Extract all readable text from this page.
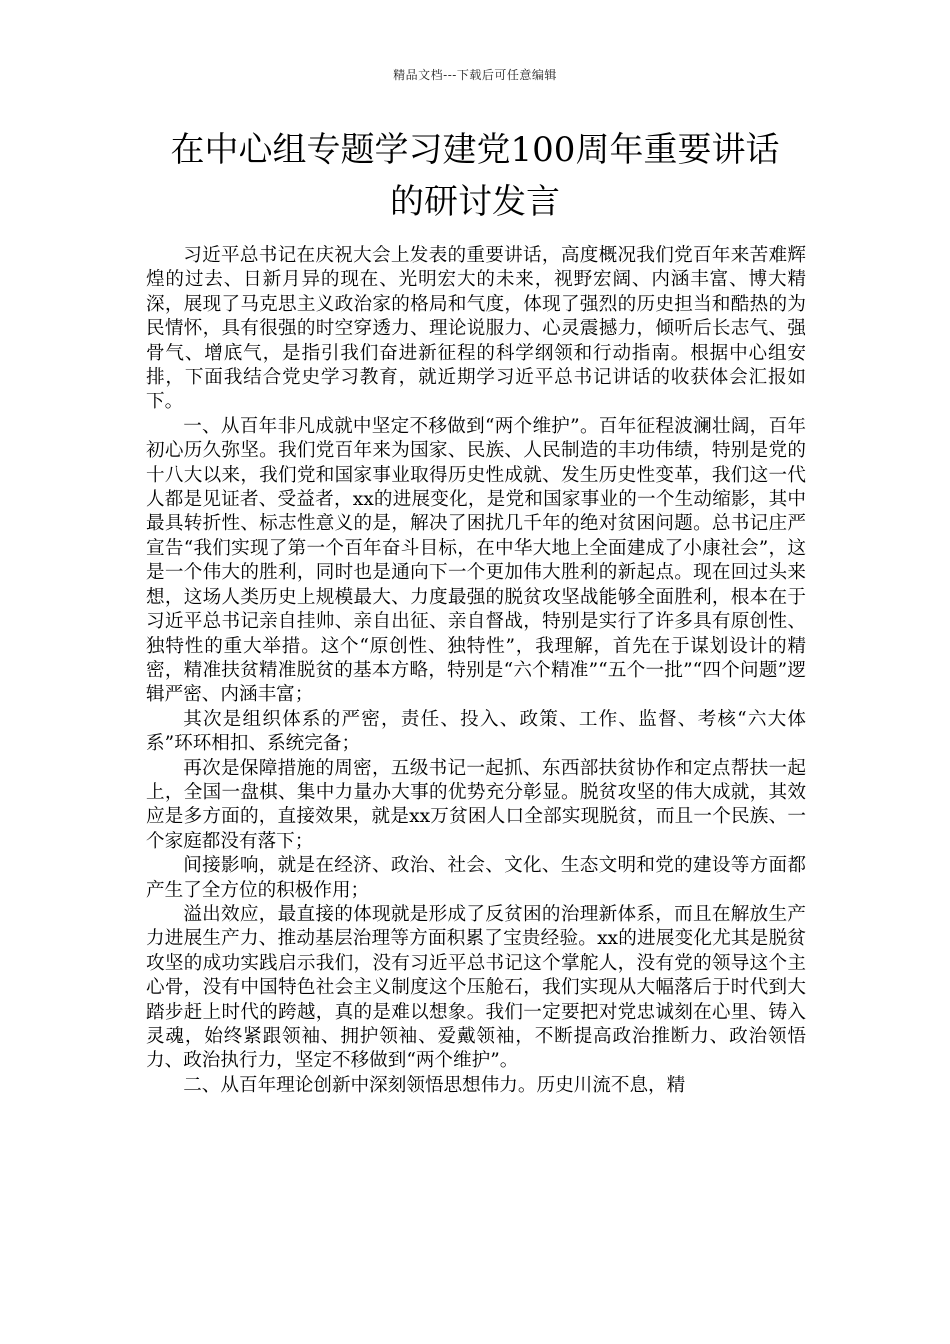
精品文档---下载后可任意编辑
在中心组专题学习建党100周年重要讲话
的研讨发言

习近平总书记在庆祝大会上发表的重要讲话，高度概况我们党百年来苦难辉煌的过去、日新月异的现在、光明宏大的未来，视野宏阔、内涵丰富、博大精深，展现了马克思主义政治家的格局和气度，体现了强烈的历史担当和酷热的为民情怀，具有很强的时空穿透力、理论说服力、心灵震撼力，倾听后长志气、强骨气、增底气，是指引我们奋进新征程的科学纲领和行动指南。根据中心组安排，下面我结合党史学习教育，就近期学习近平总书记讲话的收获体会汇报如下。

一、从百年非凡成就中坚定不移做到“两个维护”。百年征程波澜壮阔，百年初心历久弥坚。我们党百年来为国家、民族、人民制造的丰功伟绩，特别是党的十八大以来，我们党和国家事业取得历史性成就、发生历史性变革，我们这一代人都是见证者、受益者，xx的进展变化，是党和国家事业的一个生动缩影，其中最具转折性、标志性意义的是，解决了困扰几千年的绝对贫困问题。总书记庄严宣告“我们实现了第一个百年奋斗目标，在中华大地上全面建成了小康社会”，这是一个伟大的胜利，同时也是通向下一个更加伟大胜利的新起点。现在回过头来想，这场人类历史上规模最大、力度最强的脱贫攻坚战能够全面胜利，根本在于习近平总书记亲自挂帅、亲自出征、亲自督战，特别是实行了许多具有原创性、独特性的重大举措。这个“原创性、独特性”，我理解，首先在于谋划设计的精密，精准扶贫精准脱贫的基本方略，特别是“六个精准”“五个一批”“四个问题”逻辑严密、内涵丰富；

其次是组织体系的严密，责任、投入、政策、工作、监督、考核“六大体系”环环相扣、系统完备；

再次是保障措施的周密，五级书记一起抓、东西部扶贫协作和定点帮扶一起上，全国一盘棋、集中力量办大事的优势充分彰显。脱贫攻坚的伟大成就，其效应是多方面的，直接效果，就是xx万贫困人口全部实现脱贫，而且一个民族、一个家庭都没有落下；

间接影响，就是在经济、政治、社会、文化、生态文明和党的建设等方面都产生了全方位的积极作用；

溢出效应，最直接的体现就是形成了反贫困的治理新体系，而且在解放生产力进展生产力、推动基层治理等方面积累了宝贵经验。xx的进展变化尤其是脱贫攻坚的成功实践启示我们，没有习近平总书记这个掌舵人，没有党的领导这个主心骨，没有中国特色社会主义制度这个压舱石，我们实现从大幅落后于时代到大踏步赶上时代的跨越，真的是难以想象。我们一定要把对党忠诚刻在心里、铸入灵魂，始终紧跟领袖、拥护领袖、爱戴领袖，不断提高政治推断力、政治领悟力、政治执行力，坚定不移做到“两个维护”。

二、从百年理论创新中深刻领悟思想伟力。历史川流不息，精
